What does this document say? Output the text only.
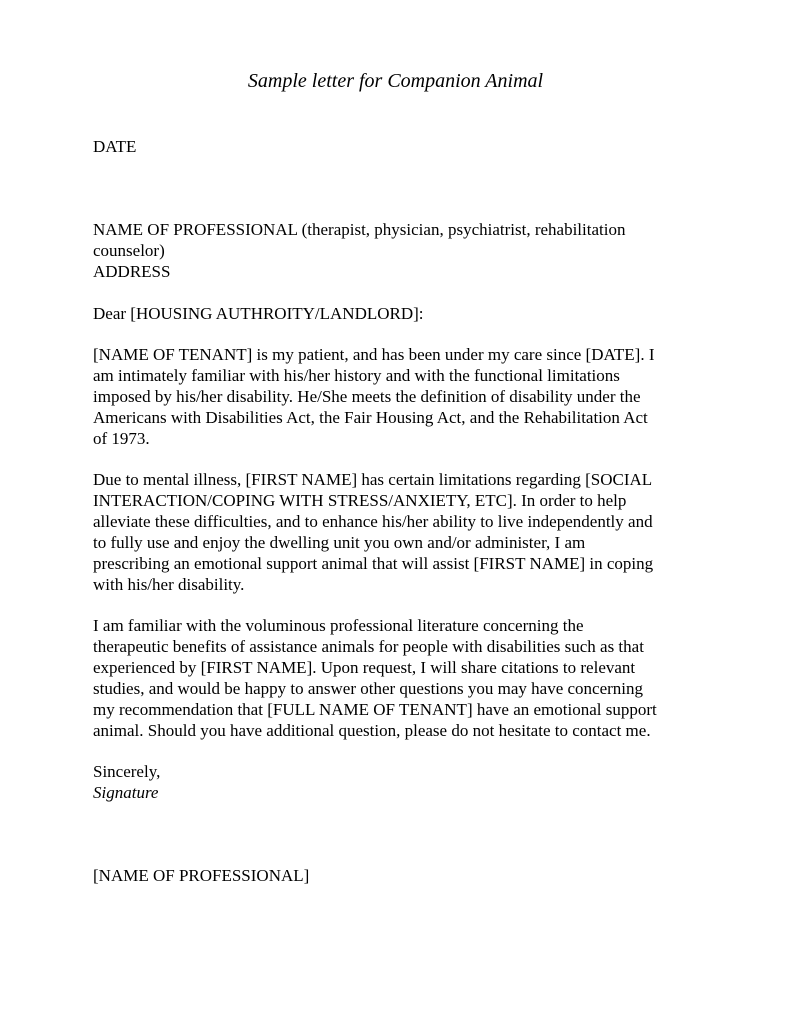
Sample letter for Companion Animal
DATE
NAME OF PROFESSIONAL (therapist, physician, psychiatrist, rehabilitation
counselor)
ADDRESS
Dear [HOUSING AUTHROITY/LANDLORD]:
[NAME OF TENANT] is my patient, and has been under my care since [DATE]. I
am intimately familiar with his/her history and with the functional limitations
imposed by his/her disability. He/She meets the definition of disability under the
Americans with Disabilities Act, the Fair Housing Act, and the Rehabilitation Act
of 1973.
Due to mental illness, [FIRST NAME] has certain limitations regarding [SOCIAL
INTERACTION/COPING WITH STRESS/ANXIETY, ETC]. In order to help
alleviate these difficulties, and to enhance his/her ability to live independently and
to fully use and enjoy the dwelling unit you own and/or administer, I am
prescribing an emotional support animal that will assist [FIRST NAME] in coping
with his/her disability.
I am familiar with the voluminous professional literature concerning the
therapeutic benefits of assistance animals for people with disabilities such as that
experienced by [FIRST NAME]. Upon request, I will share citations to relevant
studies, and would be happy to answer other questions you may have concerning
my recommendation that [FULL NAME OF TENANT] have an emotional support
animal. Should you have additional question, please do not hesitate to contact me.
Sincerely,
Signature
[NAME OF PROFESSIONAL]
